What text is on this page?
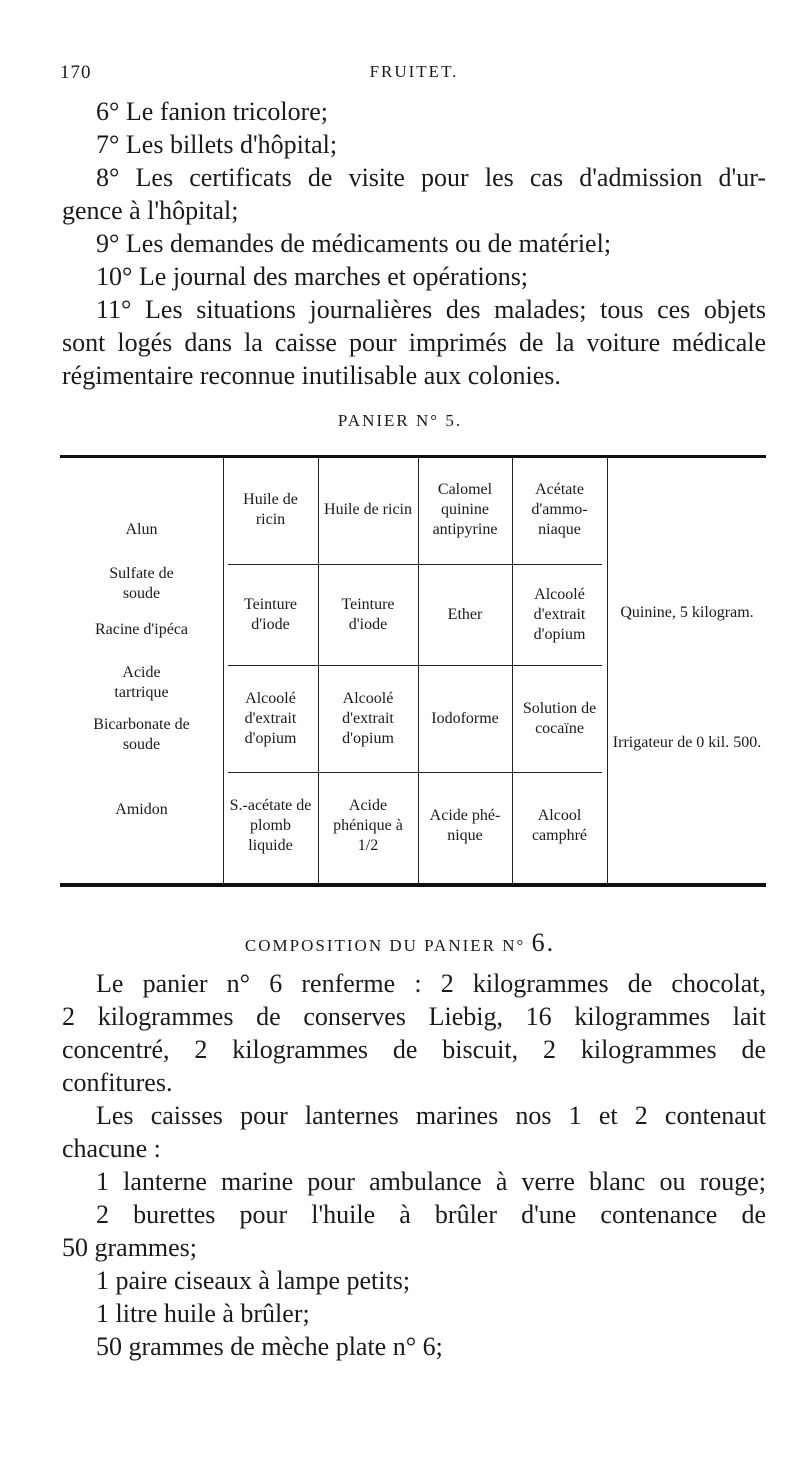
170	FRUITET.
6° Le fanion tricolore;
7° Les billets d'hôpital;
8° Les certificats de visite pour les cas d'admission d'ur-
gence à l'hôpital;
9° Les demandes de médicaments ou de matériel;
10° Le journal des marches et opérations;
11° Les situations journalières des malades; tous ces objets
sont logés dans la caisse pour imprimés de la voiture médicale
régimentaire reconnue inutilisable aux colonies.
PANIER N° 5.
Alun
Sulfate de soude
Racine d'ipéca
Acide tartrique
Bicarbonate de soude
Amidon
Huile de ricin
Huile de ricin
Calomel quinine antipyrine
Acétate d'ammo-niaque
Teinture d'iode
Teinture d'iode
Ether
Alcoolé d'extrait d'opium
Alcoolé d'extrait d'opium
Alcoolé d'extrait d'opium
Iodoforme
Solution de cocaïne
S.-acétate de plomb liquide
Acide phénique à 1/2
Acide phé-nique
Alcool camphré
Quinine, 5 kilogram.
Irrigateur de 0 kil. 500.
COMPOSITION DU PANIER N° 6.
Le panier n° 6 renferme : 2 kilogrammes de chocolat,
2 kilogrammes de conserves Liebig, 16 kilogrammes lait
concentré, 2 kilogrammes de biscuit, 2 kilogrammes de
confitures.
Les caisses pour lanternes marines nos 1 et 2 contenaut
chacune :
1 lanterne marine pour ambulance à verre blanc ou rouge;
2 burettes pour l'huile à brûler d'une contenance de
50 grammes;
1 paire ciseaux à lampe petits;
1 litre huile à brûler;
50 grammes de mèche plate n° 6;
